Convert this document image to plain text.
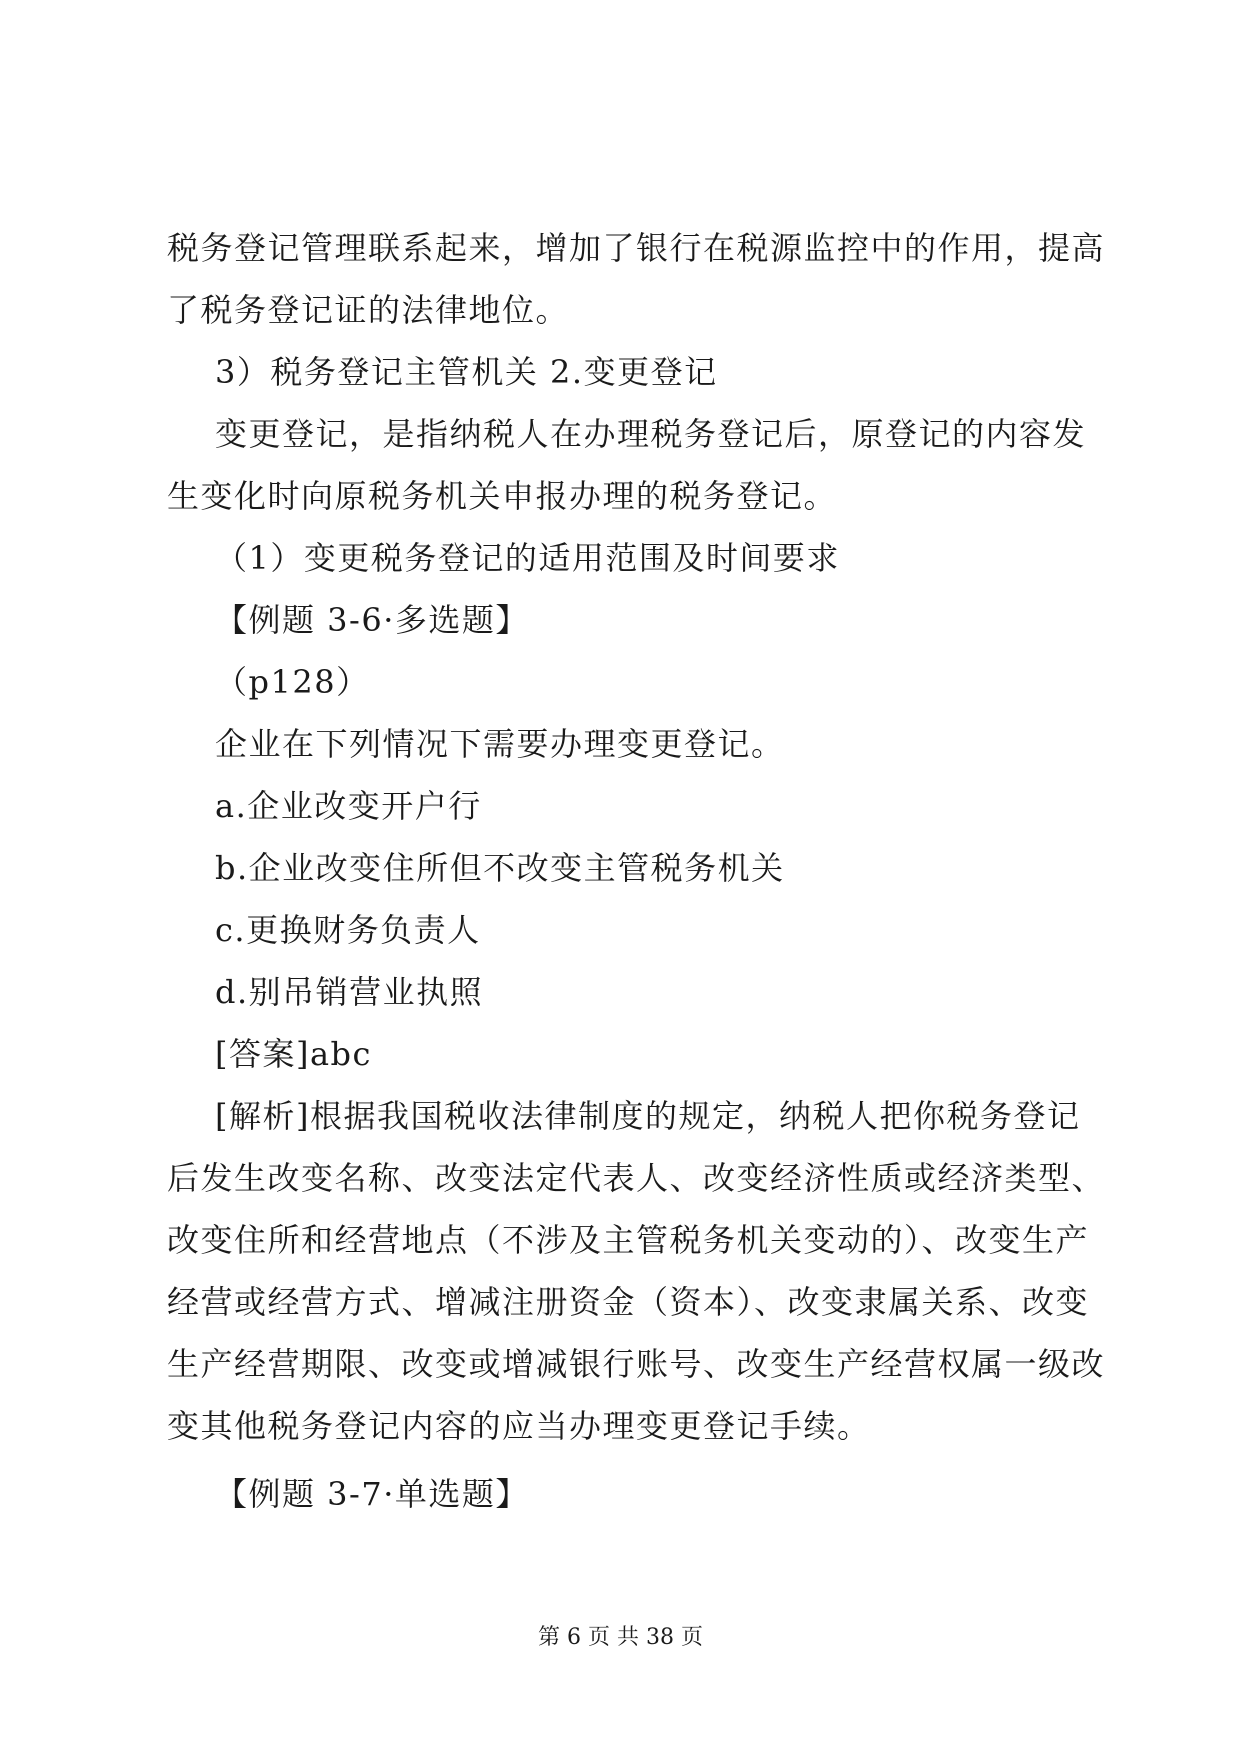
税务登记管理联系起来，增加了银行在税源监控中的作用，提高

了税务登记证的法律地位。

3）税务登记主管机关 2.变更登记

变更登记，是指纳税人在办理税务登记后，原登记的内容发

生变化时向原税务机关申报办理的税务登记。

（1）变更税务登记的适用范围及时间要求

【例题 3-6·多选题】

（p128）

企业在下列情况下需要办理变更登记。

a.企业改变开户行

b.企业改变住所但不改变主管税务机关

c.更换财务负责人

d.别吊销营业执照

[答案]abc

[解析]根据我国税收法律制度的规定，纳税人把你税务登记

后发生改变名称、改变法定代表人、改变经济性质或经济类型、

改变住所和经营地点（不涉及主管税务机关变动的）、改变生产

经营或经营方式、增减注册资金（资本）、改变隶属关系、改变

生产经营期限、改变或增减银行账号、改变生产经营权属一级改

变其他税务登记内容的应当办理变更登记手续。

【例题 3-7·单选题】

第 6 页 共 38 页
